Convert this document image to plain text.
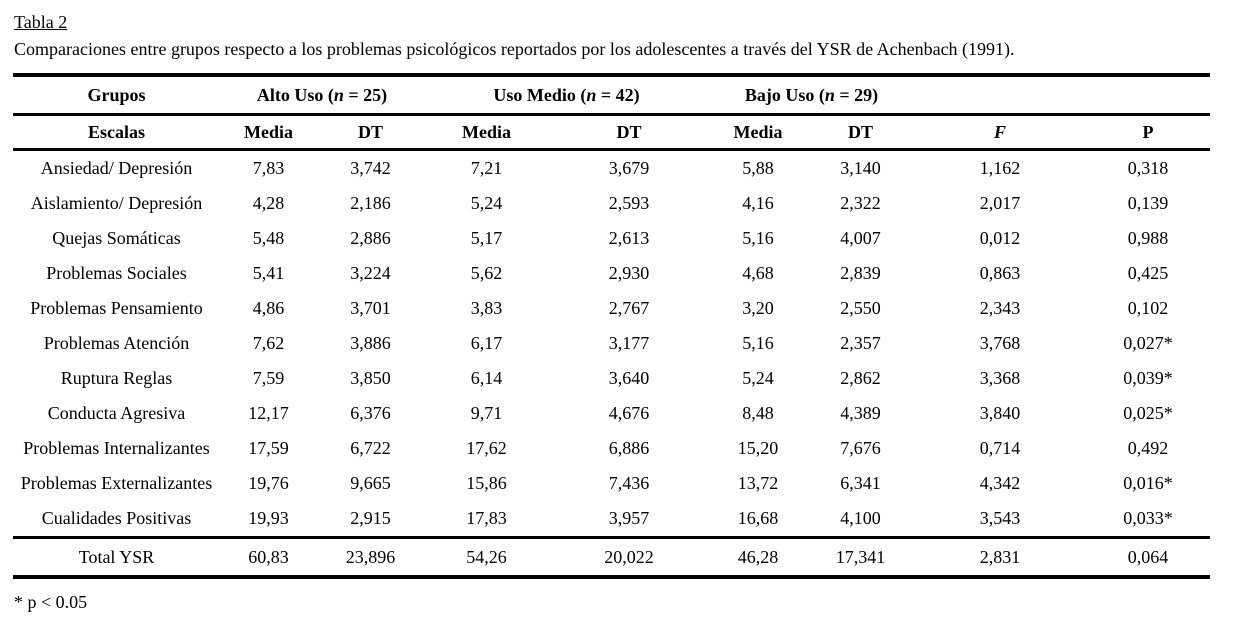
Tabla 2
Comparaciones entre grupos respecto a los problemas psicológicos reportados por los adolescentes a través del YSR de Achenbach (1991).
Grupos	Alto Uso (n = 25)		Uso Medio (n = 42)		Bajo Uso (n = 29)			
Escalas	Media	DT	Media	DT	Media	DT	F	P
Ansiedad/ Depresión	7,83	3,742	7,21	3,679	5,88	3,140	1,162	0,318
Aislamiento/ Depresión	4,28	2,186	5,24	2,593	4,16	2,322	2,017	0,139
Quejas Somáticas	5,48	2,886	5,17	2,613	5,16	4,007	0,012	0,988
Problemas Sociales	5,41	3,224	5,62	2,930	4,68	2,839	0,863	0,425
Problemas Pensamiento	4,86	3,701	3,83	2,767	3,20	2,550	2,343	0,102
Problemas Atención	7,62	3,886	6,17	3,177	5,16	2,357	3,768	0,027*
Ruptura Reglas	7,59	3,850	6,14	3,640	5,24	2,862	3,368	0,039*
Conducta Agresiva	12,17	6,376	9,71	4,676	8,48	4,389	3,840	0,025*
Problemas Internalizantes	17,59	6,722	17,62	6,886	15,20	7,676	0,714	0,492
Problemas Externalizantes	19,76	9,665	15,86	7,436	13,72	6,341	4,342	0,016*
Cualidades Positivas	19,93	2,915	17,83	3,957	16,68	4,100	3,543	0,033*
Total YSR	60,83	23,896	54,26	20,022	46,28	17,341	2,831	0,064
* p < 0.05
